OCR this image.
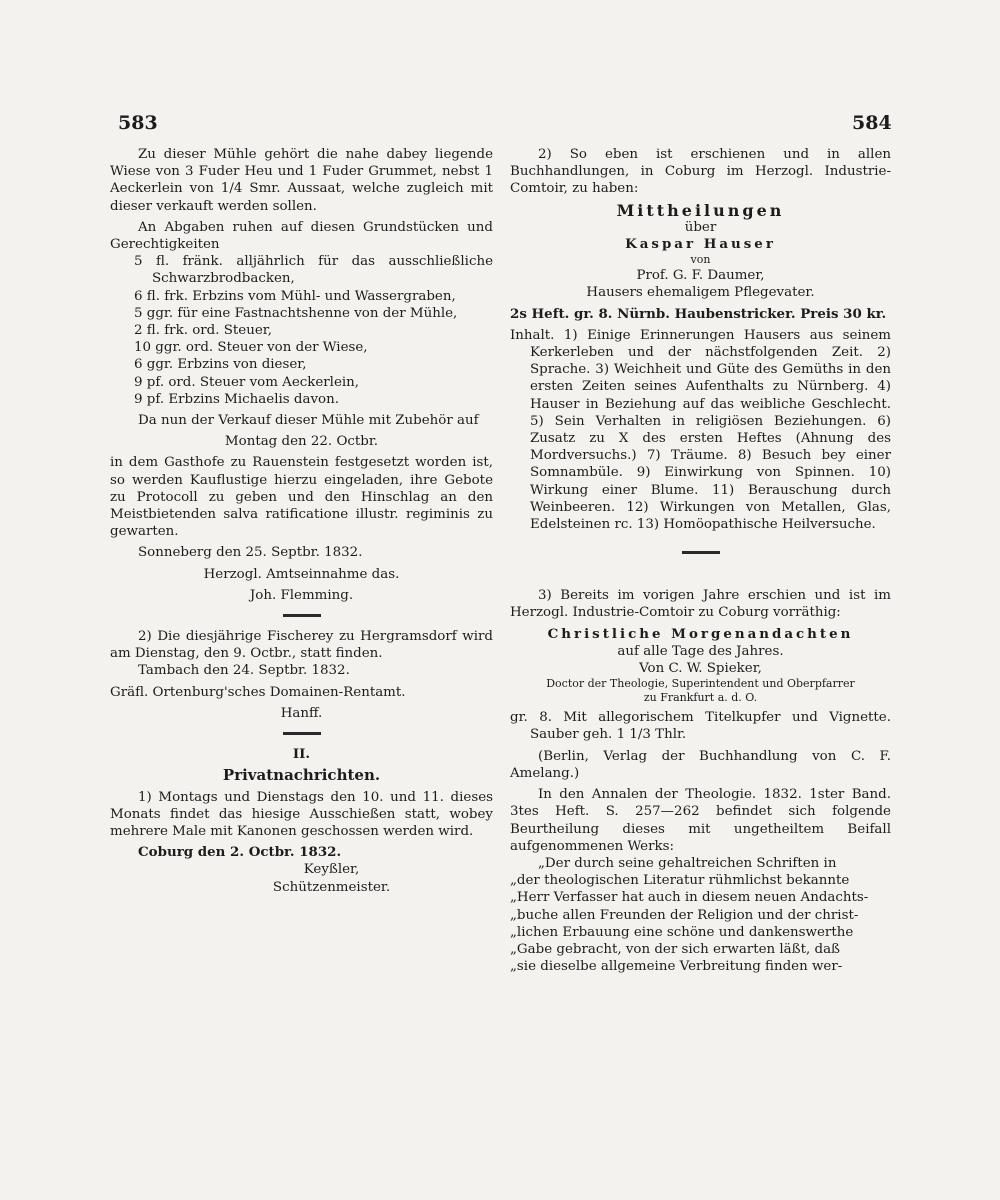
583	584

Zu dieser Mühle gehört die nahe dabey liegende Wiese von 3 Fuder Heu und 1 Fuder Grummet, nebst 1 Aeckerlein von 1/4 Smr. Aussaat, welche zugleich mit dieser verkauft werden sollen.

An Abgaben ruhen auf diesen Grundstücken und Gerechtigkeiten

5 fl. fränk. alljährlich für das ausschließliche Schwarzbrodbacken,

6 fl. frk. Erbzins vom Mühl- und Wassergraben,

5 ggr. für eine Fastnachtshenne von der Mühle,

2 fl. frk. ord. Steuer,

10 ggr. ord. Steuer von der Wiese,

6 ggr. Erbzins von dieser,

9 pf. ord. Steuer vom Aeckerlein,

9 pf. Erbzins Michaelis davon.

Da nun der Verkauf dieser Mühle mit Zubehör auf

Montag den 22. Octbr.

in dem Gasthofe zu Rauenstein festgesetzt worden ist, so werden Kauflustige hierzu eingeladen, ihre Gebote zu Protocoll zu geben und den Hinschlag an den Meistbietenden salva ratificatione illustr. regiminis zu gewarten.

Sonneberg den 25. Septbr. 1832.

Herzogl. Amtseinnahme das.

Joh. Flemming.

2) Die diesjährige Fischerey zu Hergramsdorf wird am Dienstag, den 9. Octbr., statt finden.

Tambach den 24. Septbr. 1832.

Gräfl. Ortenburg'sches Domainen-Rentamt.

Hanff.

II.

Privatnachrichten.

1) Montags und Dienstags den 10. und 11. dieses Monats findet das hiesige Ausschießen statt, wobey mehrere Male mit Kanonen geschossen werden wird.

Coburg den 2. Octbr. 1832.

Keyßler,

Schützenmeister.

2) So eben ist erschienen und in allen Buchhandlungen, in Coburg im Herzogl. Industrie-Comtoir, zu haben:

Mittheilungen

über

Kaspar Hauser

von

Prof. G. F. Daumer,

Hausers ehemaligem Pflegevater.

2s Heft. gr. 8. Nürnb. Haubenstricker. Preis 30 kr.

Inhalt. 1) Einige Erinnerungen Hausers aus seinem Kerkerleben und der nächstfolgenden Zeit. 2) Sprache. 3) Weichheit und Güte des Gemüths in den ersten Zeiten seines Aufenthalts zu Nürnberg. 4) Hauser in Beziehung auf das weibliche Geschlecht. 5) Sein Verhalten in religiösen Beziehungen. 6) Zusatz zu X des ersten Heftes (Ahnung des Mordversuchs.) 7) Träume. 8) Besuch bey einer Somnambüle. 9) Einwirkung von Spinnen. 10) Wirkung einer Blume. 11) Berauschung durch Weinbeeren. 12) Wirkungen von Metallen, Glas, Edelsteinen rc. 13) Homöopathische Heilversuche.

3) Bereits im vorigen Jahre erschien und ist im Herzogl. Industrie-Comtoir zu Coburg vorräthig:

Christliche Morgenandachten

auf alle Tage des Jahres.

Von C. W. Spieker,

Doctor der Theologie, Superintendent und Oberpfarrer

zu Frankfurt a. d. O.

gr. 8. Mit allegorischem Titelkupfer und Vignette. Sauber geh. 1 1/3 Thlr.

(Berlin, Verlag der Buchhandlung von C. F. Amelang.)

In den Annalen der Theologie. 1832. 1ster Band. 3tes Heft. S. 257—262 befindet sich folgende Beurtheilung dieses mit ungetheiltem Beifall aufgenommenen Werks:

„Der durch seine gehaltreichen Schriften in

„der theologischen Literatur rühmlichst bekannte

„Herr Verfasser hat auch in diesem neuen Andachts-

„buche allen Freunden der Religion und der christ-

„lichen Erbauung eine schöne und dankenswerthe

„Gabe gebracht, von der sich erwarten läßt, daß

„sie dieselbe allgemeine Verbreitung finden wer-
